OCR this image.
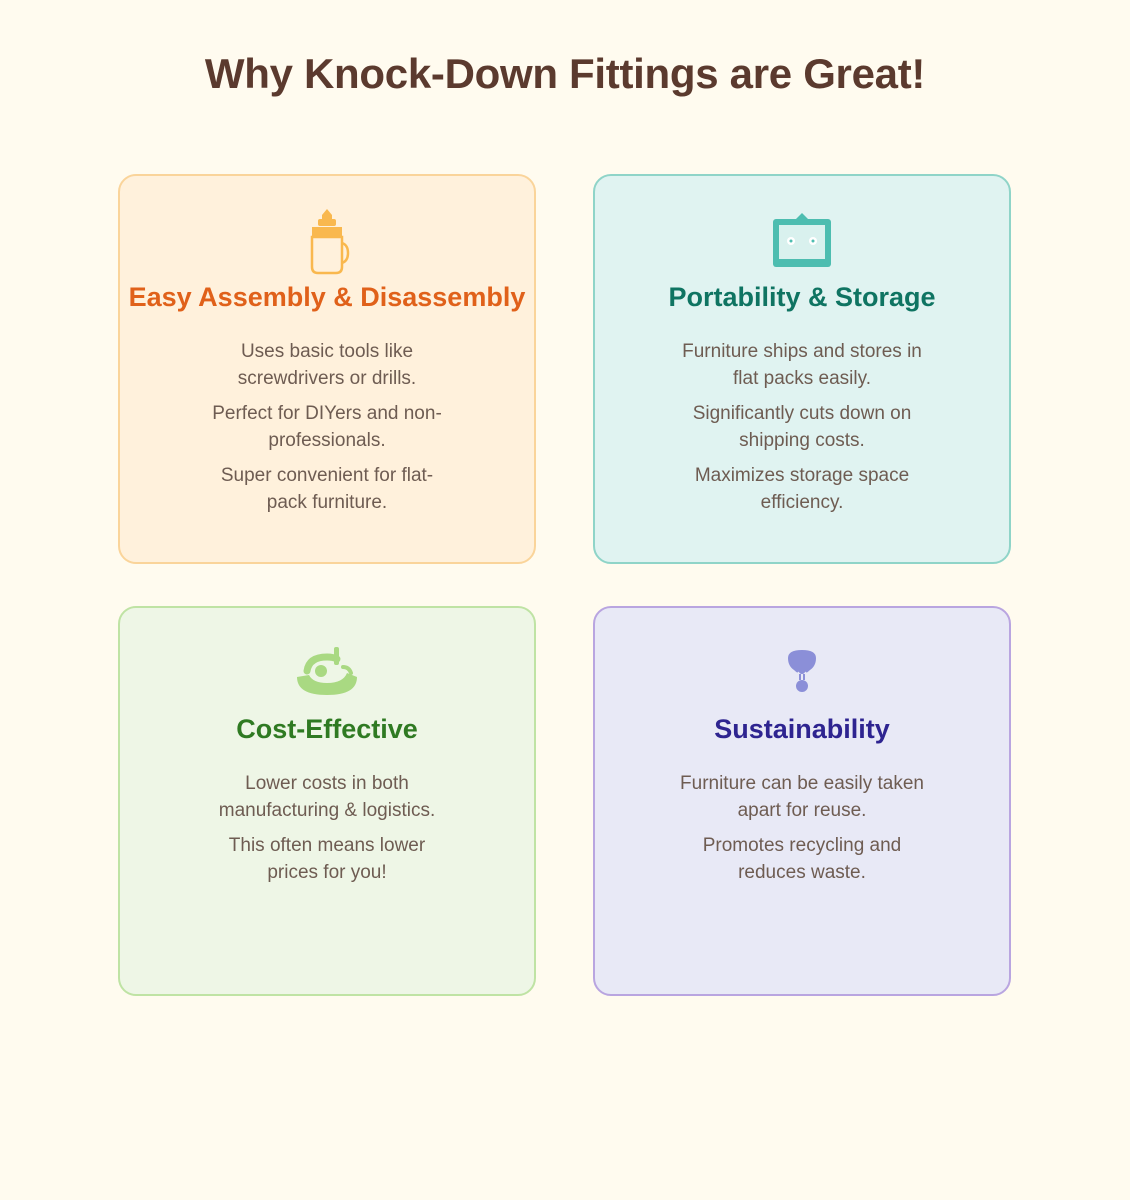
Why Knock-Down Fittings are Great!
Easy Assembly & Disassembly
Uses basic tools like screwdrivers or drills.
Perfect for DIYers and non-professionals.
Super convenient for flat-pack furniture.
Portability & Storage
Furniture ships and stores in flat packs easily.
Significantly cuts down on shipping costs.
Maximizes storage space efficiency.
Cost-Effective
Lower costs in both manufacturing & logistics.
This often means lower prices for you!
Sustainability
Furniture can be easily taken apart for reuse.
Promotes recycling and reduces waste.
